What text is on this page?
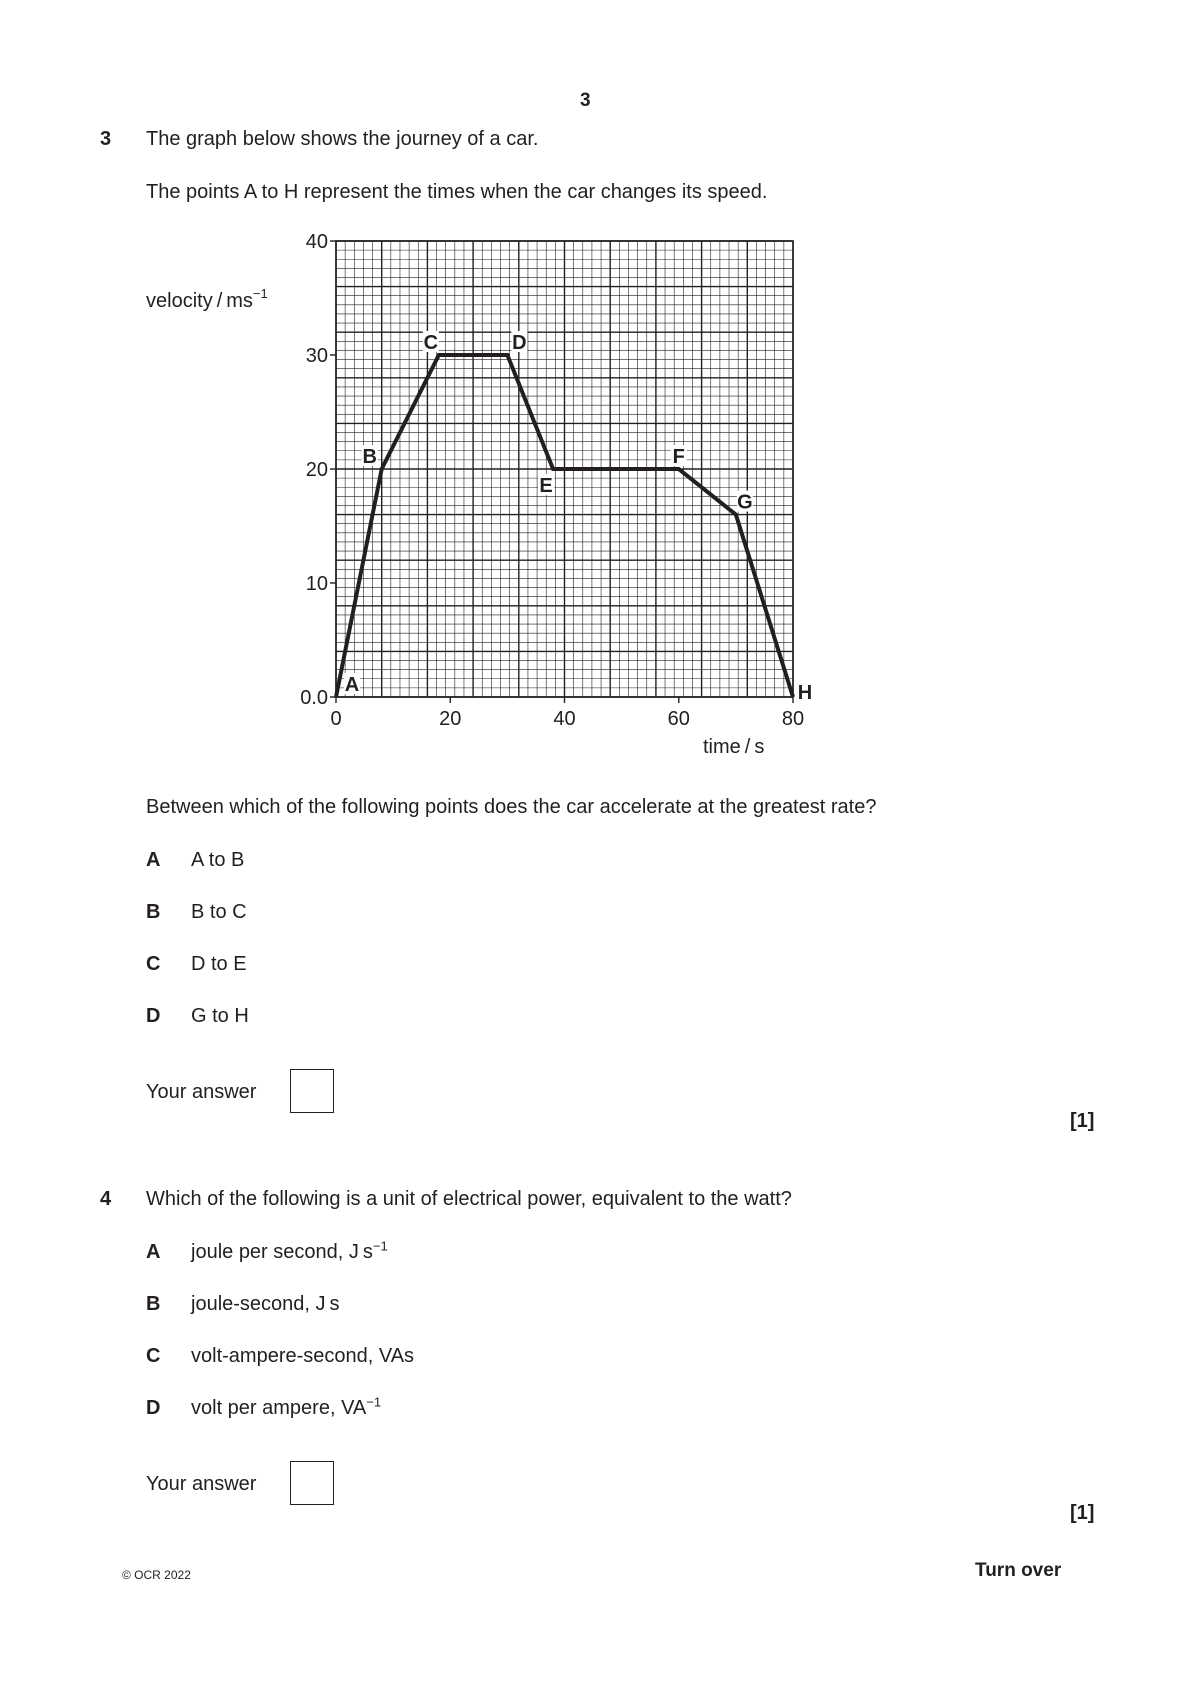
3
3 The graph below shows the journey of a car.
The points A to H represent the times when the car changes its speed.
0	20	40	60	80
0.0
10
20
30
40
A
B
C	D
E
F
G
H
velocity / $ms^{-1}$
time / s
Between which of the following points does the car accelerate at the greatest rate?
A A to B
B B to C
C D to E
D G to H
Your answer
[1]
4 Which of the following is a unit of electrical power, equivalent to the watt?
A joule per second, J $s^{-1}$
B joule-second, J s
C volt-ampere-second, VAs
D volt per ampere, $VA^{-1}$
Your answer
[1]
© OCR 2022	Turn over
